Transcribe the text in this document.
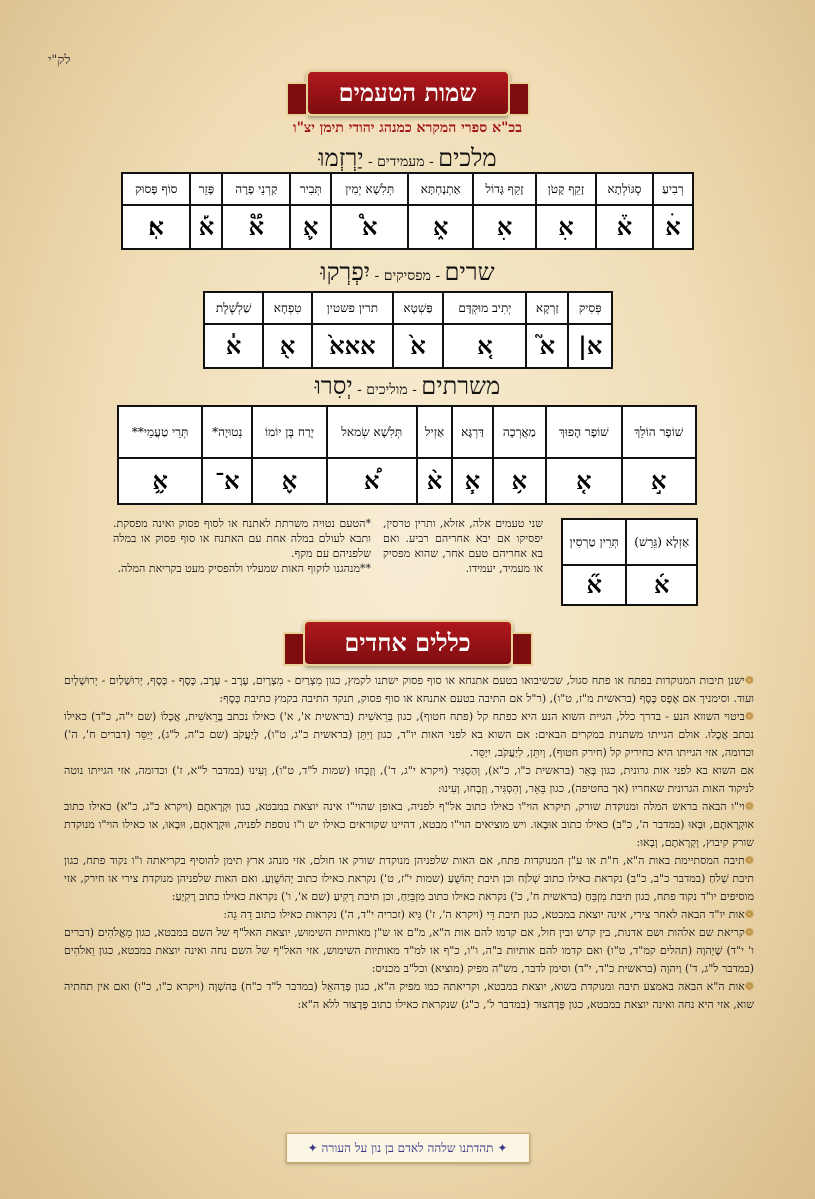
לק"י
שמות הטעמים
בכ"א ספרי המקרא כמנהג יהודי תימן יצ"ו
מלכים - מעמידים - יַרְזְמוּ
רְבִיעַ	סֶגּוֹלְתָא	זָקֵף קָטֹן	זָקֵף גָּדוֹל	אַתְנָחְתָּא	תְּלִשָׁא יְמִין	תְּבִיר	קַרְנֵי פָרָה	פָּזֵר	סוֹף פָּסוּק
אׄ	א֒	אׅ	אׅ	א֑	א֩	א֛	א֟	א֡	אֽ׃
שרים - מפסיקים - יִפְרְקוּ
פְּסִיק	זַרְקָא	יְתִיב מוּקְדָּם	פַּשְׁטָא	תרין פשטין	טִפְחָא	שַׁלְשֶׁלֶת
א|	א֮	א֚	א֙	אאא֙	א֖	א֓
משרתים - מוליכים - יְסִרוּ
שׁוֹפָר הוֹלֵךְ	שׁוֹפָר הָפוּךְ	מַאֲרְכָה	דַּרְגָּא	אַזְיל	תְּלִשָׁא שְׂמאל	יֶרַח בֶּן יוֹמוֹ	נְטוּיָה*	תְּרֵי טַעֲמֵי**
א֣	א֤	א֥	א֧	א֨	א֠	א֪	א־	א֦
אַזְלָא (גֵּרֵשׁ)	תְּרֵין טַרְסִין
א֜	א֞
שני טעמים אלה, אזלא, ותרין טרסין, יפסיקו אם יבא אחריהם רביע. ואם בא אחריהם טעם אחר, שהוא מפסיק או מעמיד, יעמידו.
*הטעם נטויה משרתת לאתנח או לסוף פסוק ואינה מפסקת. ותבא לעולם במלה אחת עם האתנח או סוף פסוק או במלה שלפניהם עם מקף.
**מנהגנו לזקוף האות שמעליו ולהפסיק מעט בקריאת המלה.
כללים אחדים

❁ישנן תיבות המנוקדות בפתח או פתח סגול, שכשיבואו בטעם אתנחא או סוף פסוק ישתנו לקמץ, כגון מִצְרַיִם - מִצְרָיִם, עֶרֶב - עָרֶב, כֶּסֶף - כָּסֶף, יְרוּשָׁלַיִם - יְרוּשָׁלָיִם ועוד. וסימניך אם אֶפֶס כֶּסֶף (בראשית מ"ז, ט"ו), (ר"ל אם התיבה בטעם אתנחא או סוף פסוק, תנקד התיבה בקמץ כתיבת כָּסֶף:

❁ביטוי השווא הנע - בדרך כלל, הגיית השוא הנע היא כפתח קל (פתח חטוף), כגון בְּרֵאשִׁית (בראשית א', א') כאילו נכתב בֲּרֵאשִׁית, אֲכָלוֹ (שם י"ה, כ"ד) כאילו נכתב אֲכֶלוּ. אולם הגייתו משתנית במקרים הבאים: אם השוא בא לפני האות יו"ד, כגון וַיִּתֵּן (בראשית כ"ג, ט"ו), לְיַעֲקֹב (שם כ"ה, ל"ג), יְיַסֵּר (דברים ח', ה') וכדומה, אזי הגייתו היא כחיריק קל (חירק חטוף), וְיִתֵּן, לִיַעֲקֹב, יִיַסֵּר.

אם השוא בא לפני אות גרונית, כגון בְּאֵר (בראשית כ"ו, כ"א), וְהַסְגִּיר (ויקרא י"ג, ד'), וְזָבְחוּ (שמות ל"ד, ט"ו), וְעִינוּ (במדבר ל"א, ז') וכדומה, אזי הגייתו נוטה לניקוד האות הגרונית שאחריו (אך בחטיפה), כגון בֵּאֵר, וְהִסְגִּיר, וְזָבָחוּ, וְעִינוּ:

❁וי"ו הבאה בראש המלה ומנוקדת שורק, תיקרא הוי"ו כאילו כתוב אל"ף לפניה, באופן שהוי"ו אינה יוצאת במבטא, כגון וּקְרָאתֶם (ויקרא כ"ג, כ"א) כאילו כתוב אוּקְרָאתֶם, וּבָאוּ (במדבר ה', כ"ב) כאילו כתוב אוּבָאוּ. ויש מוציאים הוי"ו מבטא, דהיינו שקוראים כאילו יש ו"ו נוספת לפניה, וּוּקְרָאתֶם, וּוּבָאוּ, או כאילו הוי"ו מנוקדת שורק קיבוץ, וְקְרָאתֶם, וְבָאוּ:

❁תיבה המסתיימת באות ה"א, ח"ת או ע"ן המנוקדות פתח, אם האות שלפניהן מנוקדת שורק או חולם, אזי מנהג ארץ תימן להוסיף בקריאתה ו"ו נקוד פתח, כגון תיבת שְׁלֹחַ (במדבר כ"ב, כ"ב) נקראת כאילו כתוב שְׁלֹוַח וכן תיבת יְהוֹשֻׁעַ (שמות י"ז, ט') נקראת כאילו כתוב יְהוֹשֻׁוַעַ. ואם האות שלפניהן מנוקדת צירי או חירק, אזי מוסיפים יו"ד נקוד פתח, כגון תיבת מִזְבֵּחַ (בראשית ח', כ') נקראת כאילו כתוב מִזְבֵּיַחַ, וכן תיבת רָקִיעַ (שם א', ו') נקראת כאילו כתוב רָקִיַעַ:

❁אות יו"ד הבאה לאחר צירי, אינה יוצאת במבטא, כגון תיבת דֵּי (ויקרא ה', ז') גֵּיא (זכריה י"ד, ה') נקראות כאילו כתוב דֵה גֵה:

❁קריאת שם אלהות ושם אדנות, בין קדש ובין חול, אם קדמו להם אות ה"א, מ"ם או ש"ן מאותיות השימוש, יוצאת האל"ף של השם במבטא, כגון מֵאֱלֹהִים (דברים ו' י"ד) שֶׁיְהוָה (תהלים קמ"ד, ט"ו) ואם קדמו להם אותיות ב"ה, ו"ו, כ"ף או למ"ד מאותיות השימוש, אזי האל"ף של השם נחה ואינה יוצאת במבטא, כגון וֵאלֹהִים (במדבר ל"ג, ד') וַיהוָה (בראשית כ"ד, י"ד) וסימן לדבר, מש"ה מפיק (מוציא) וכל"ב מכניס:

❁אות ה"א הבאה באמצע תיבה ומנוקדת בשוא, יוצאת במבטא, וקריאתה כמו מפיק ה"א, כגון פְּדַהאֵל (במדבר ל"ד כ"ח) בַּהשְׁוָה (ויקרא כ"ו, כ"ו) ואם אין תחתיה שוא, אזי היא נחה ואינה יוצאת במבטא, כגון פְּדָהצוּר (במדבר ל', כ"ג) שנקראת כאילו כתוב פְּדָצוּר ללא ה"א:

✦ תהדתנו שלהה לאדם בן נון על העורה ✦
